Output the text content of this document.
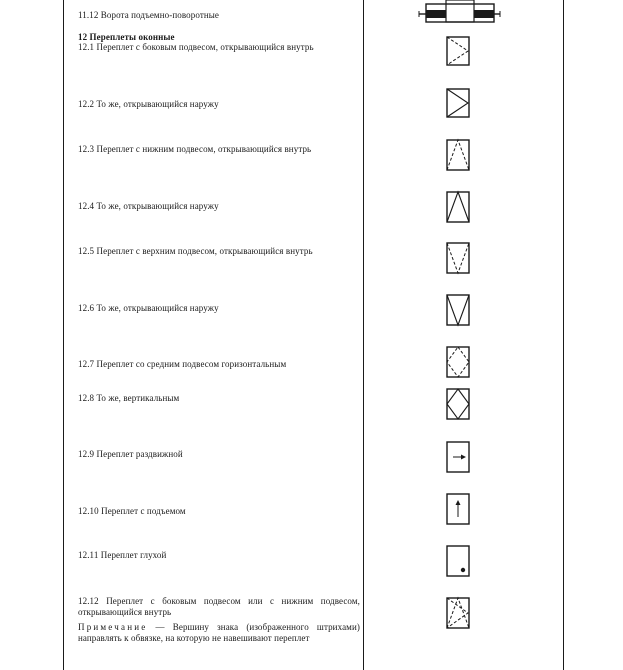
11.12 Ворота подъемно-поворотные
12 Переплеты оконные
12.1 Переплет с боковым подвесом, открывающийся внутрь
12.2 То же, открывающийся наружу
12.3 Переплет с нижним подвесом, открывающийся внутрь
12.4 То же, открывающийся наружу
12.5 Переплет с верхним подвесом, открывающийся внутрь
12.6 То же, открывающийся наружу
12.7 Переплет со средним подвесом горизонтальным
12.8 То же, вертикальным
12.9 Переплет раздвижной
12.10 Переплет с подъемом
12.11 Переплет глухой
12.12 Переплет с боковым подвесом или с нижним подвесом, открывающийся внутрь
Примечание — Вершину знака (изображенного штрихами) направлять к обвязке, на которую не навешивают переплет
